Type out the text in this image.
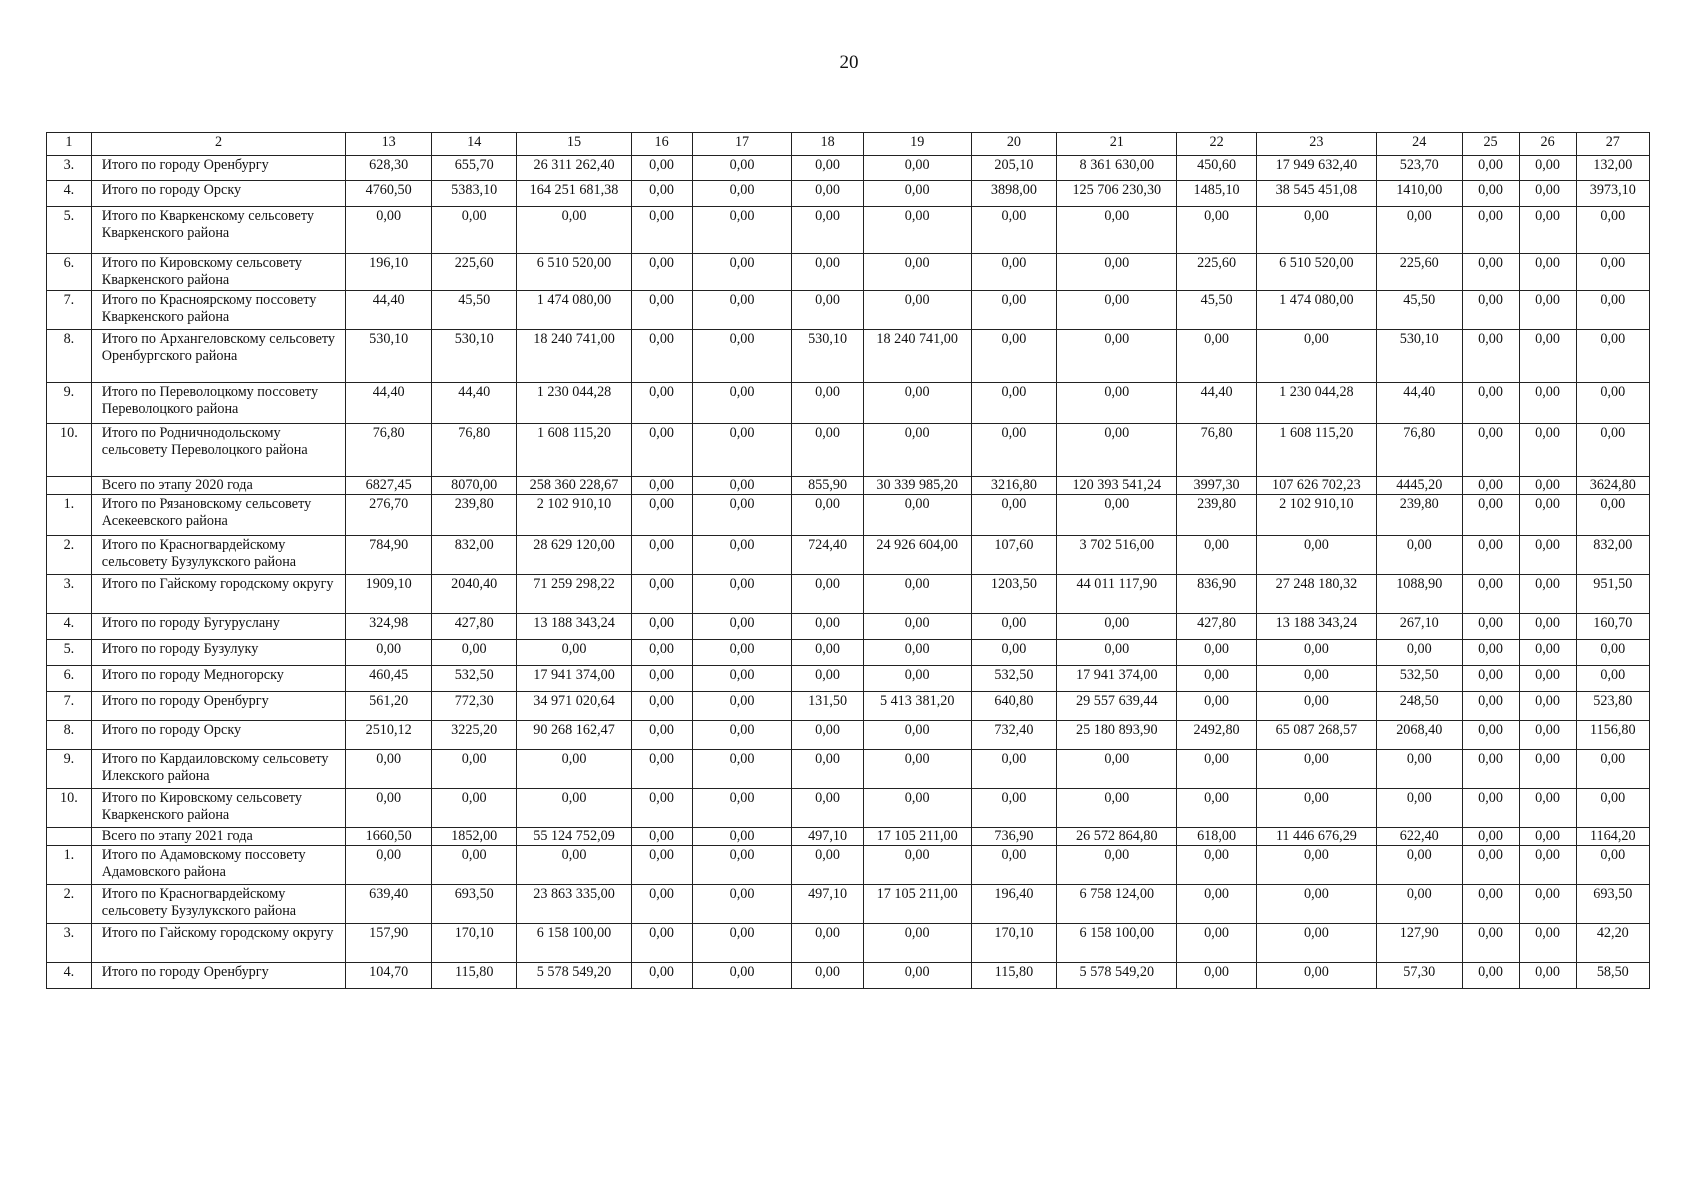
20
1	2	13	14	15	16	17	18	19	20	21	22	23	24	25	26	27
3.	Итого по городу Оренбургу	628,30	655,70	26 311 262,40	0,00	0,00	0,00	0,00	205,10	8 361 630,00	450,60	17 949 632,40	523,70	0,00	0,00	132,00
4.	Итого по городу Орску	4760,50	5383,10	164 251 681,38	0,00	0,00	0,00	0,00	3898,00	125 706 230,30	1485,10	38 545 451,08	1410,00	0,00	0,00	3973,10
5.	Итого по Кваркенскому сельсовету Кваркенского района	0,00	0,00	0,00	0,00	0,00	0,00	0,00	0,00	0,00	0,00	0,00	0,00	0,00	0,00	0,00
6.	Итого по Кировскому сельсовету Кваркенского района	196,10	225,60	6 510 520,00	0,00	0,00	0,00	0,00	0,00	0,00	225,60	6 510 520,00	225,60	0,00	0,00	0,00
7.	Итого по Красноярскому поссовету Кваркенского района	44,40	45,50	1 474 080,00	0,00	0,00	0,00	0,00	0,00	0,00	45,50	1 474 080,00	45,50	0,00	0,00	0,00
8.	Итого по Архангеловскому сельсовету Оренбургского района	530,10	530,10	18 240 741,00	0,00	0,00	530,10	18 240 741,00	0,00	0,00	0,00	0,00	530,10	0,00	0,00	0,00
9.	Итого по Переволоцкому поссовету Переволоцкого района	44,40	44,40	1 230 044,28	0,00	0,00	0,00	0,00	0,00	0,00	44,40	1 230 044,28	44,40	0,00	0,00	0,00
10.	Итого по Родничнодольскому сельсовету Переволоцкого района	76,80	76,80	1 608 115,20	0,00	0,00	0,00	0,00	0,00	0,00	76,80	1 608 115,20	76,80	0,00	0,00	0,00
	Всего по этапу 2020 года	6827,45	8070,00	258 360 228,67	0,00	0,00	855,90	30 339 985,20	3216,80	120 393 541,24	3997,30	107 626 702,23	4445,20	0,00	0,00	3624,80
1.	Итого по Рязановскому сельсовету Асекеевского района	276,70	239,80	2 102 910,10	0,00	0,00	0,00	0,00	0,00	0,00	239,80	2 102 910,10	239,80	0,00	0,00	0,00
2.	Итого по Красногвардейскому сельсовету Бузулукского района	784,90	832,00	28 629 120,00	0,00	0,00	724,40	24 926 604,00	107,60	3 702 516,00	0,00	0,00	0,00	0,00	0,00	832,00
3.	Итого по Гайскому городскому округу	1909,10	2040,40	71 259 298,22	0,00	0,00	0,00	0,00	1203,50	44 011 117,90	836,90	27 248 180,32	1088,90	0,00	0,00	951,50
4.	Итого по городу Бугуруслану	324,98	427,80	13 188 343,24	0,00	0,00	0,00	0,00	0,00	0,00	427,80	13 188 343,24	267,10	0,00	0,00	160,70
5.	Итого по городу Бузулуку	0,00	0,00	0,00	0,00	0,00	0,00	0,00	0,00	0,00	0,00	0,00	0,00	0,00	0,00	0,00
6.	Итого по городу Медногорску	460,45	532,50	17 941 374,00	0,00	0,00	0,00	0,00	532,50	17 941 374,00	0,00	0,00	532,50	0,00	0,00	0,00
7.	Итого по городу Оренбургу	561,20	772,30	34 971 020,64	0,00	0,00	131,50	5 413 381,20	640,80	29 557 639,44	0,00	0,00	248,50	0,00	0,00	523,80
8.	Итого по городу Орску	2510,12	3225,20	90 268 162,47	0,00	0,00	0,00	0,00	732,40	25 180 893,90	2492,80	65 087 268,57	2068,40	0,00	0,00	1156,80
9.	Итого по Кардаиловскому сельсовету Илекского района	0,00	0,00	0,00	0,00	0,00	0,00	0,00	0,00	0,00	0,00	0,00	0,00	0,00	0,00	0,00
10.	Итого по Кировскому сельсовету Кваркенского района	0,00	0,00	0,00	0,00	0,00	0,00	0,00	0,00	0,00	0,00	0,00	0,00	0,00	0,00	0,00
	Всего по этапу 2021 года	1660,50	1852,00	55 124 752,09	0,00	0,00	497,10	17 105 211,00	736,90	26 572 864,80	618,00	11 446 676,29	622,40	0,00	0,00	1164,20
1.	Итого по Адамовскому поссовету Адамовского района	0,00	0,00	0,00	0,00	0,00	0,00	0,00	0,00	0,00	0,00	0,00	0,00	0,00	0,00	0,00
2.	Итого по Красногвардейскому сельсовету Бузулукского района	639,40	693,50	23 863 335,00	0,00	0,00	497,10	17 105 211,00	196,40	6 758 124,00	0,00	0,00	0,00	0,00	0,00	693,50
3.	Итого по Гайскому городскому округу	157,90	170,10	6 158 100,00	0,00	0,00	0,00	0,00	170,10	6 158 100,00	0,00	0,00	127,90	0,00	0,00	42,20
4.	Итого по городу Оренбургу	104,70	115,80	5 578 549,20	0,00	0,00	0,00	0,00	115,80	5 578 549,20	0,00	0,00	57,30	0,00	0,00	58,50
